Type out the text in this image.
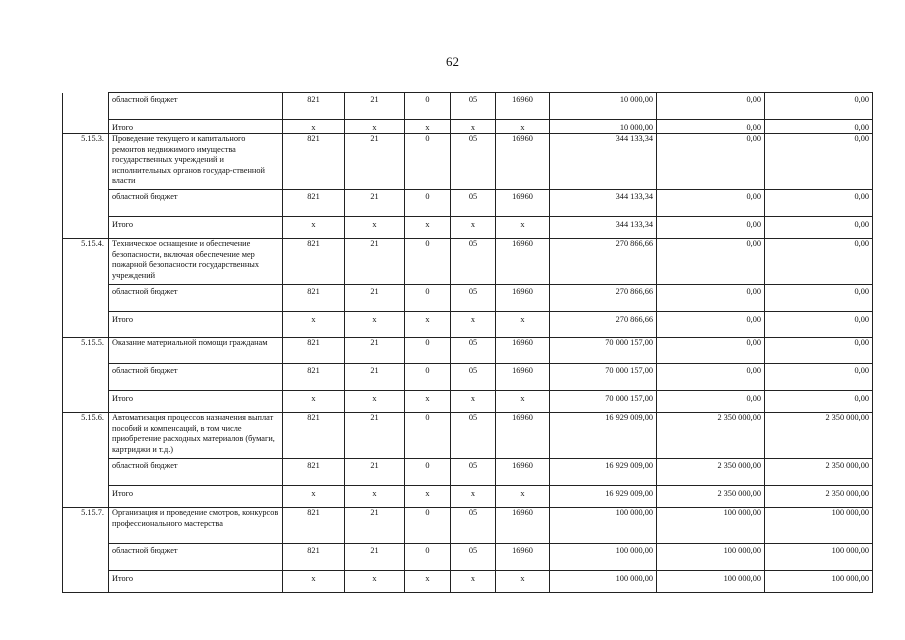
62
	областной бюджет	821	21	0	05	16960	10 000,00	0,00	0,00
	Итого	x	x	x	x	x	10 000,00	0,00	0,00
5.15.3.	Проведение текущего и капитального ремонтов недвижимого имущества государственных учреждений и исполнительных органов государ-ственной власти	821	21	0	05	16960	344 133,34	0,00	0,00
	областной бюджет	821	21	0	05	16960	344 133,34	0,00	0,00
	Итого	x	x	x	x	x	344 133,34	0,00	0,00
5.15.4.	Техническое оснащение и обеспечение безопасности, включая обеспечение мер пожарной безопасности государственных учреждений	821	21	0	05	16960	270 866,66	0,00	0,00
	областной бюджет	821	21	0	05	16960	270 866,66	0,00	0,00
	Итого	x	x	x	x	x	270 866,66	0,00	0,00
5.15.5.	Оказание материальной помощи гражданам	821	21	0	05	16960	70 000 157,00	0,00	0,00
	областной бюджет	821	21	0	05	16960	70 000 157,00	0,00	0,00
	Итого	x	x	x	x	x	70 000 157,00	0,00	0,00
5.15.6.	Автоматизация процессов назначения выплат пособий и компенсаций, в том числе приобретение расходных материалов (бумаги, картриджи и т.д.)	821	21	0	05	16960	16 929 009,00	2 350 000,00	2 350 000,00
	областной бюджет	821	21	0	05	16960	16 929 009,00	2 350 000,00	2 350 000,00
	Итого	x	x	x	x	x	16 929 009,00	2 350 000,00	2 350 000,00
5.15.7.	Организация и проведение смотров, конкурсов профессионального мастерства	821	21	0	05	16960	100 000,00	100 000,00	100 000,00
	областной бюджет	821	21	0	05	16960	100 000,00	100 000,00	100 000,00
	Итого	x	x	x	x	x	100 000,00	100 000,00	100 000,00
